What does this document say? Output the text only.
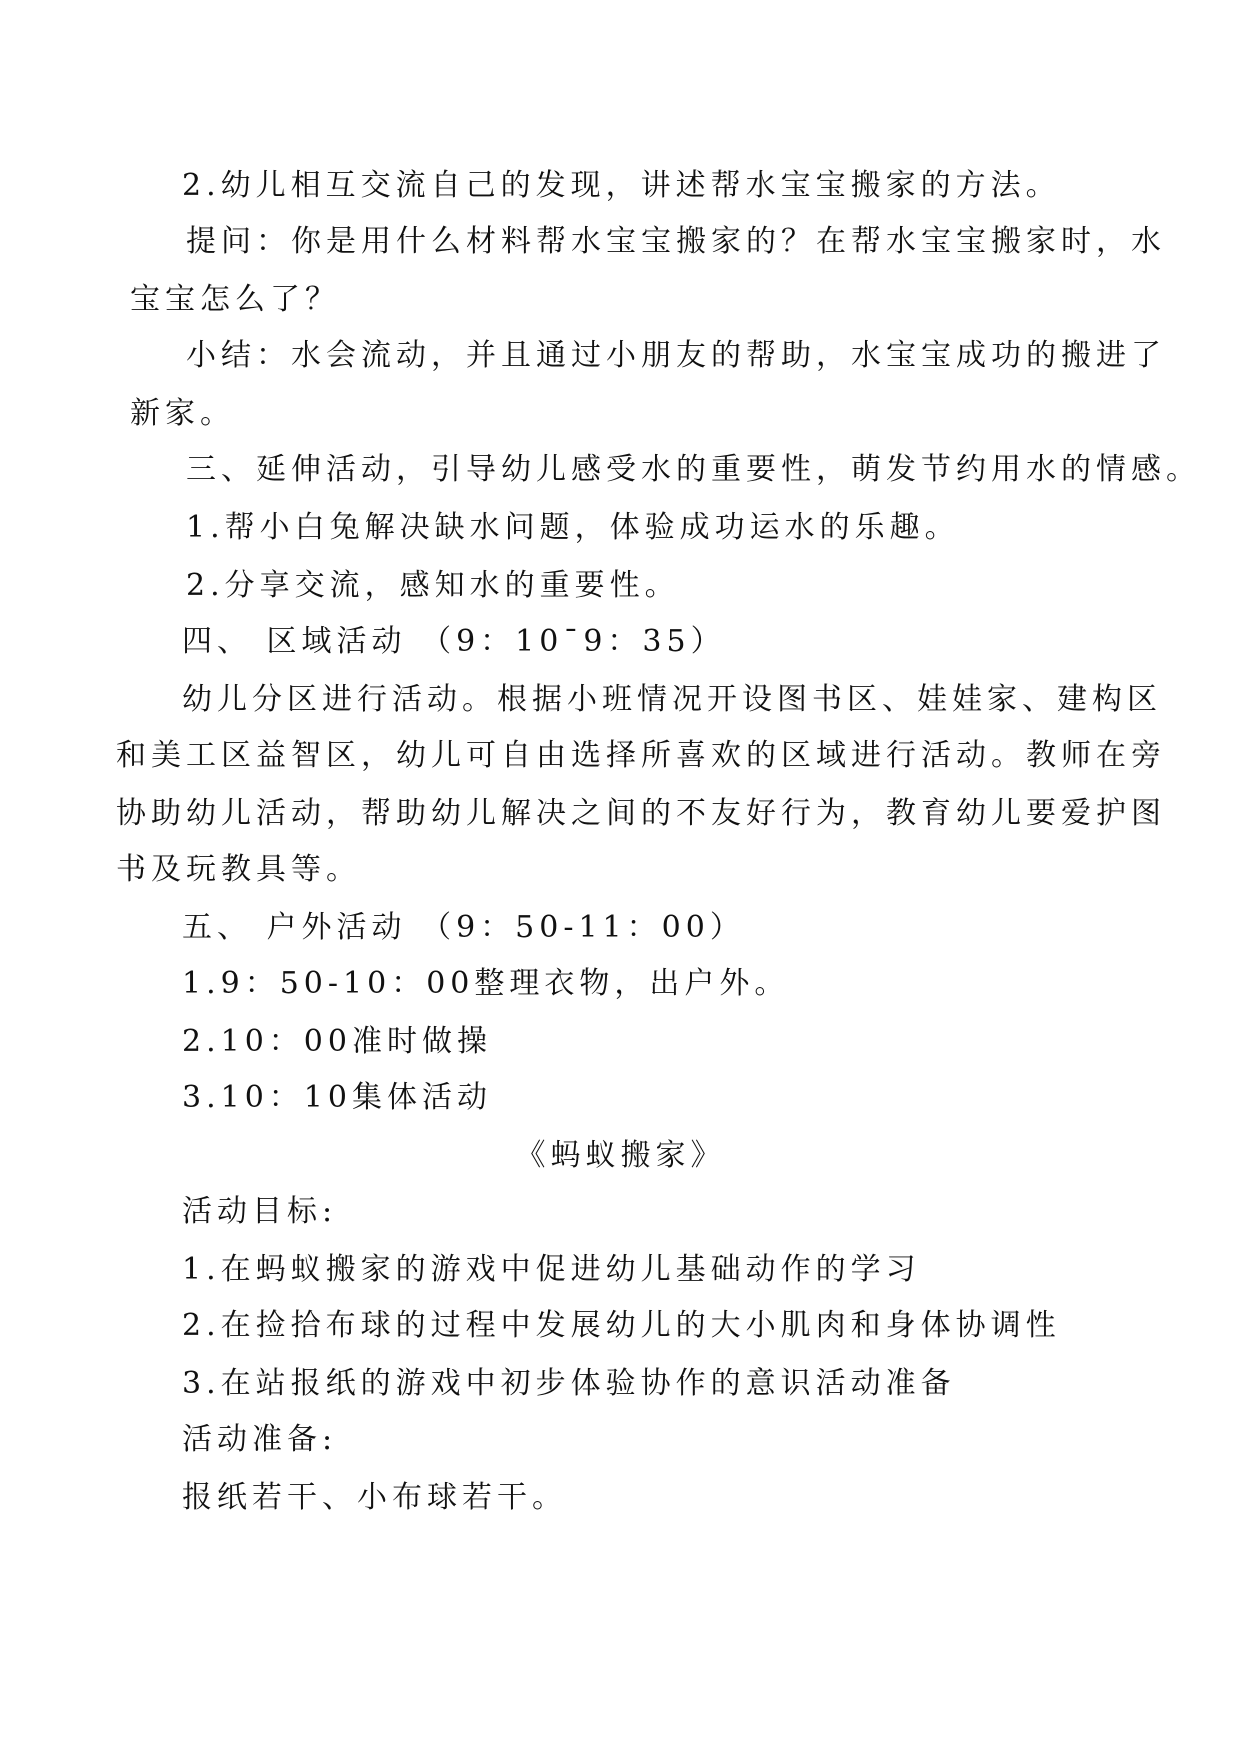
2.幼儿相互交流自己的发现，讲述帮水宝宝搬家的方法。
提问：你是用什么材料帮水宝宝搬家的？在帮水宝宝搬家时，水
宝宝怎么了？
小结：水会流动，并且通过小朋友的帮助，水宝宝成功的搬进了
新家。
三、延伸活动，引导幼儿感受水的重要性，萌发节约用水的情感。
1.帮小白兔解决缺水问题，体验成功运水的乐趣。
2.分享交流，感知水的重要性。
四、 区域活动 （9：10¯9：35）
幼儿分区进行活动。根据小班情况开设图书区、娃娃家、建构区
和美工区益智区，幼儿可自由选择所喜欢的区域进行活动。教师在旁
协助幼儿活动，帮助幼儿解决之间的不友好行为，教育幼儿要爱护图
书及玩教具等。
五、 户外活动 （9：50-11：00）
1.9：50-10：00整理衣物，出户外。
2.10：00准时做操
3.10：10集体活动
《蚂蚁搬家》
活动目标:
1.在蚂蚁搬家的游戏中促进幼儿基础动作的学习
2.在捡拾布球的过程中发展幼儿的大小肌肉和身体协调性
3.在站报纸的游戏中初步体验协作的意识活动准备
活动准备:
报纸若干、小布球若干。
